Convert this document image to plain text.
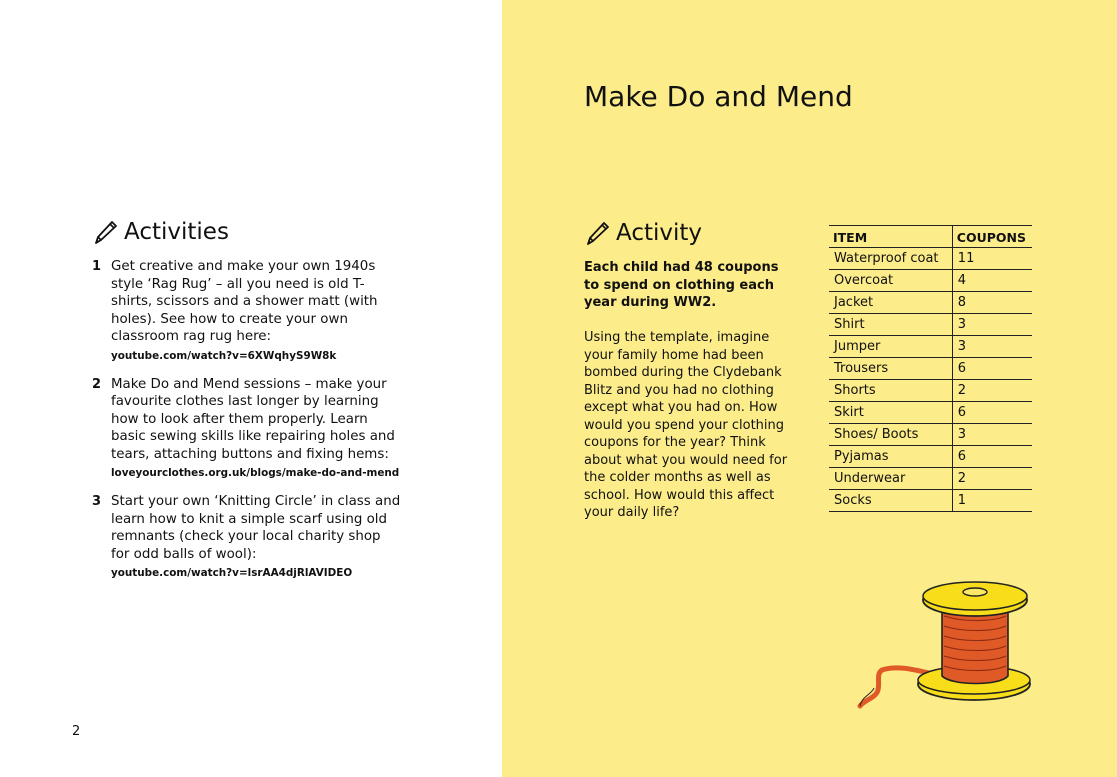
Activities
1 Get creative and make your own 1940s style ‘Rag Rug’ – all you need is old T-shirts, scissors and a shower matt (with holes). See how to create your own classroom rag rug here:

youtube.com/watch?v=6XWqhyS9W8k
2 Make Do and Mend sessions – make your favourite clothes last longer by learning how to look after them properly. Learn basic sewing skills like repairing holes and tears, attaching buttons and fixing hems:

loveyourclothes.org.uk/blogs/make-do-and-mend
3 Start your own ‘Knitting Circle’ in class and learn how to knit a simple scarf using old remnants (check your local charity shop for odd balls of wool):

youtube.com/watch?v=lsrAA4djRlAVIDEO
2
Make Do and Mend
Activity

Each child had 48 coupons to spend on clothing each year during WW2.

Using the template, imagine your family home had been bombed during the Clydebank Blitz and you had no clothing except what you had on. How would you spend your clothing coupons for the year? Think about what you would need for the colder months as well as school. How would this affect your daily life?

ITEM	COUPONS
Waterproof coat	11
Overcoat	4
Jacket	8
Shirt	3
Jumper	3
Trousers	6
Shorts	2
Skirt	6
Shoes/ Boots	3
Pyjamas	6
Underwear	2
Socks	1
